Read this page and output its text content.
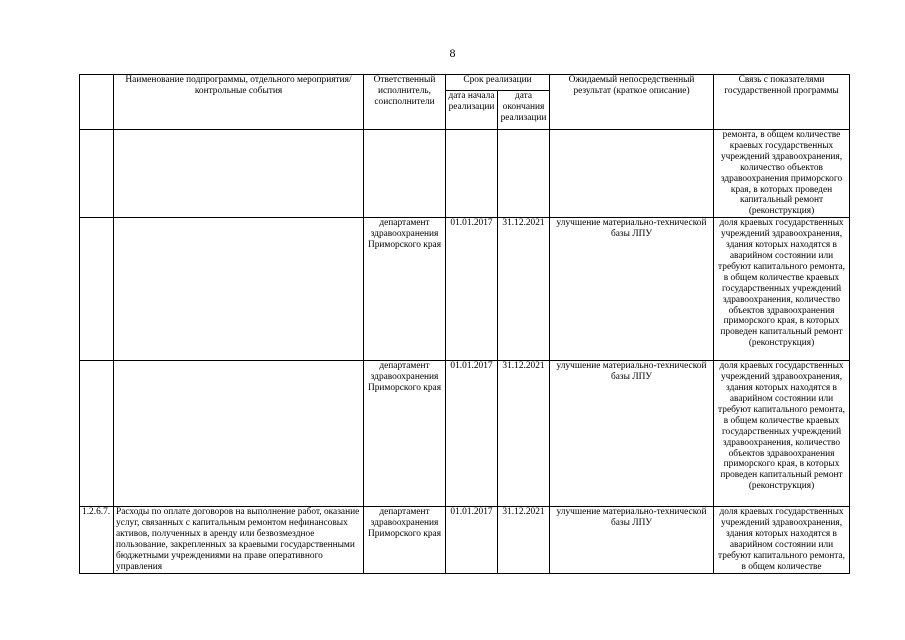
8
	Наименование подпрограммы, отдельного мероприятия/контрольные события	Ответственный исполнитель, соисполнители	Срок реализации		Ожидаемый непосредственный результат (краткое описание)	Связь с показателями государственной программы
			дата начала реализации	дата окончания реализации		
						ремонта, в общем количестве краевых государственных учреждений здравоохранения, количество объектов здравоохранения приморского края, в которых проведен капитальный ремонт (реконструкция)
		департамент здравоохранения Приморского края	01.01.2017	31.12.2021	улучшение материально-технической базы ЛПУ	доля краевых государственных учреждений здравоохранения, здания которых находятся в аварийном состоянии или требуют капитального ремонта, в общем количестве краевых государственных учреждений здравоохранения, количество объектов здравоохранения приморского края, в которых проведен капитальный ремонт (реконструкция)
		департамент здравоохранения Приморского края	01.01.2017	31.12.2021	улучшение материально-технической базы ЛПУ	доля краевых государственных учреждений здравоохранения, здания которых находятся в аварийном состоянии или требуют капитального ремонта, в общем количестве краевых государственных учреждений здравоохранения, количество объектов здравоохранения приморского края, в которых проведен капитальный ремонт (реконструкция)
1.2.6.7.	Расходы по оплате договоров на выполнение работ, оказание услуг, связанных с капитальным ремонтом нефинансовых активов, полученных в аренду или безвозмездное пользование, закрепленных за краевыми государственными бюджетными учреждениями на праве оперативного управления	департамент здравоохранения Приморского края	01.01.2017	31.12.2021	улучшение материально-технической базы ЛПУ	доля краевых государственных учреждений здравоохранения, здания которых находятся в аварийном состоянии или требуют капитального ремонта, в общем количестве
